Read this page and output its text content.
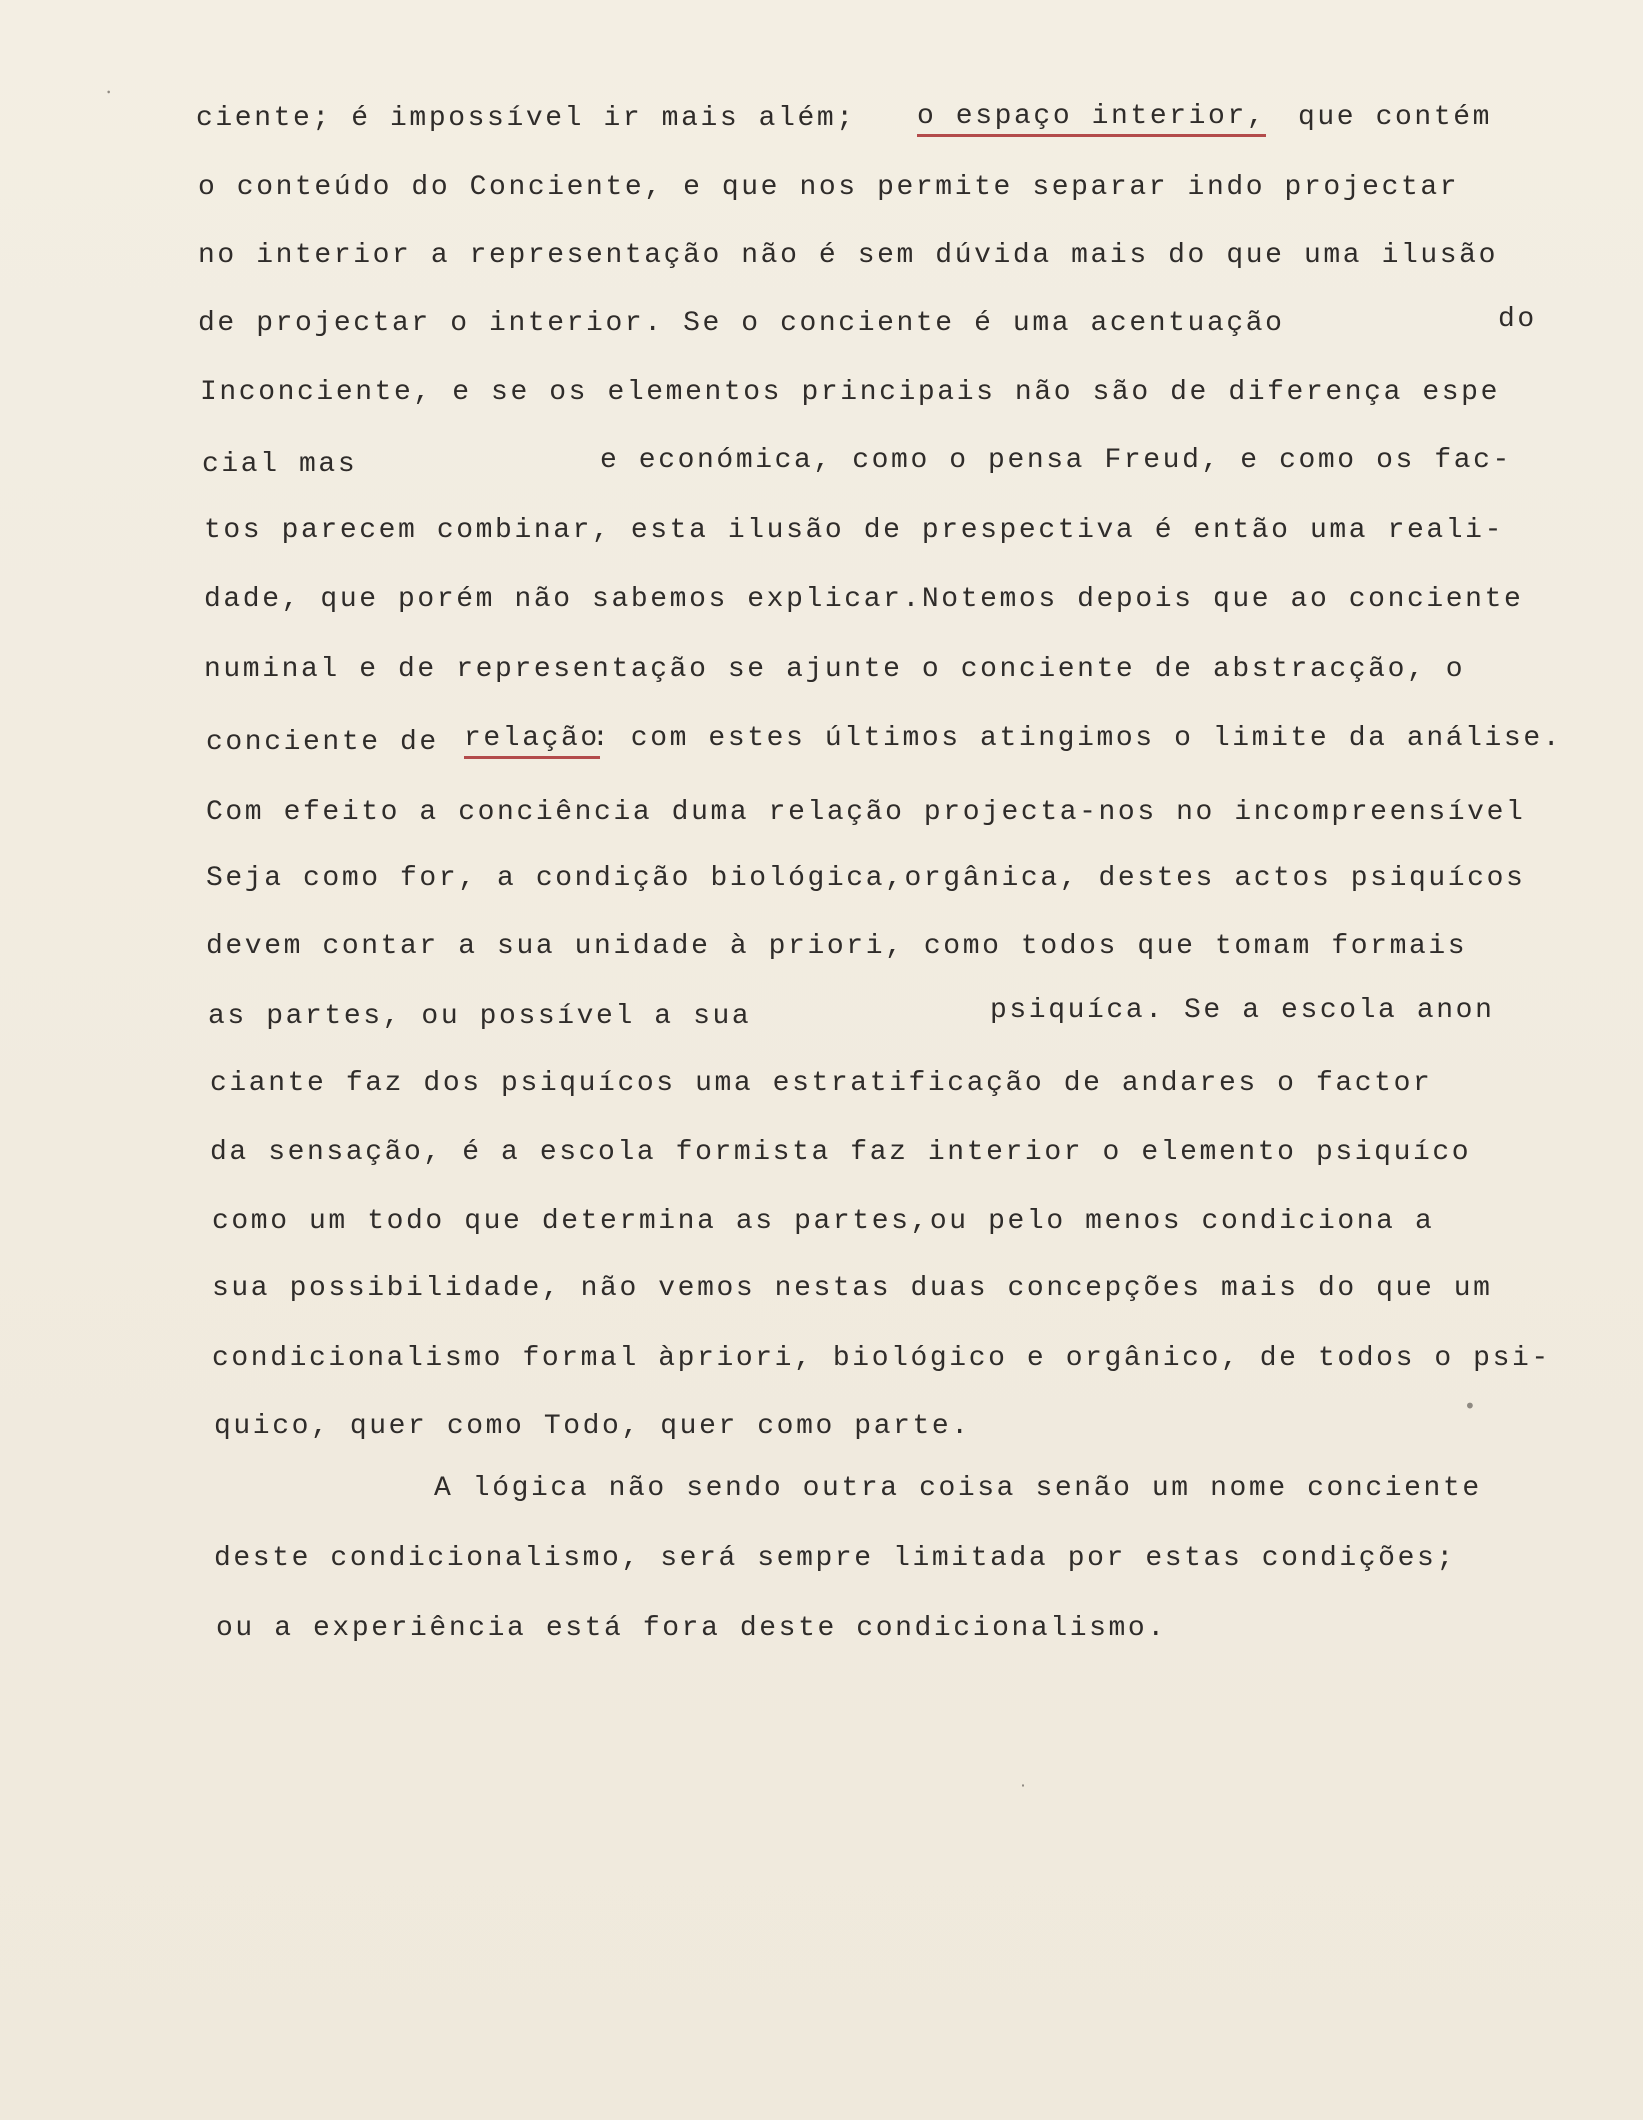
⸱

ciente; é impossível ir mais além; o espaço interior, que contém

o conteúdo do Conciente, e que nos permite separar indo projectar

no interior a representação não é sem dúvida mais do que uma ilusão

de projectar o interior. Se o conciente é uma acentuação	do

Inconciente, e se os elementos principais não são de diferença espe

cial mas	e económica, como o pensa Freud, e como os fac-

tos parecem combinar, esta ilusão de prespectiva é então uma reali-

dade, que porém não sabemos explicar.Notemos depois que ao conciente

numinal e de representação se ajunte o conciente de abstracção, o

conciente de relação

: com estes últimos atingimos o limite da análise.

Com efeito a conciência duma relação projecta-nos no incompreensível

Seja como for, a condição biológica,orgânica, destes actos psiquícos

devem contar a sua unidade à priori, como todos que tomam formais

as partes, ou possível a sua	psiquíca. Se a escola anon

ciante faz dos psiquícos uma estratificação de andares o factor

da sensação, é a escola formista faz interior o elemento psiquíco

como um todo que determina as partes,ou pelo menos condiciona a

sua possibilidade, não vemos nestas duas concepções mais do que um

condicionalismo formal àpriori, biológico e orgânico, de todos o psi-

quico, quer como Todo, quer como parte.

A lógica não sendo outra coisa senão um nome conciente

deste condicionalismo, será sempre limitada por estas condições;

ou a experiência está fora deste condicionalismo.

•
˙
